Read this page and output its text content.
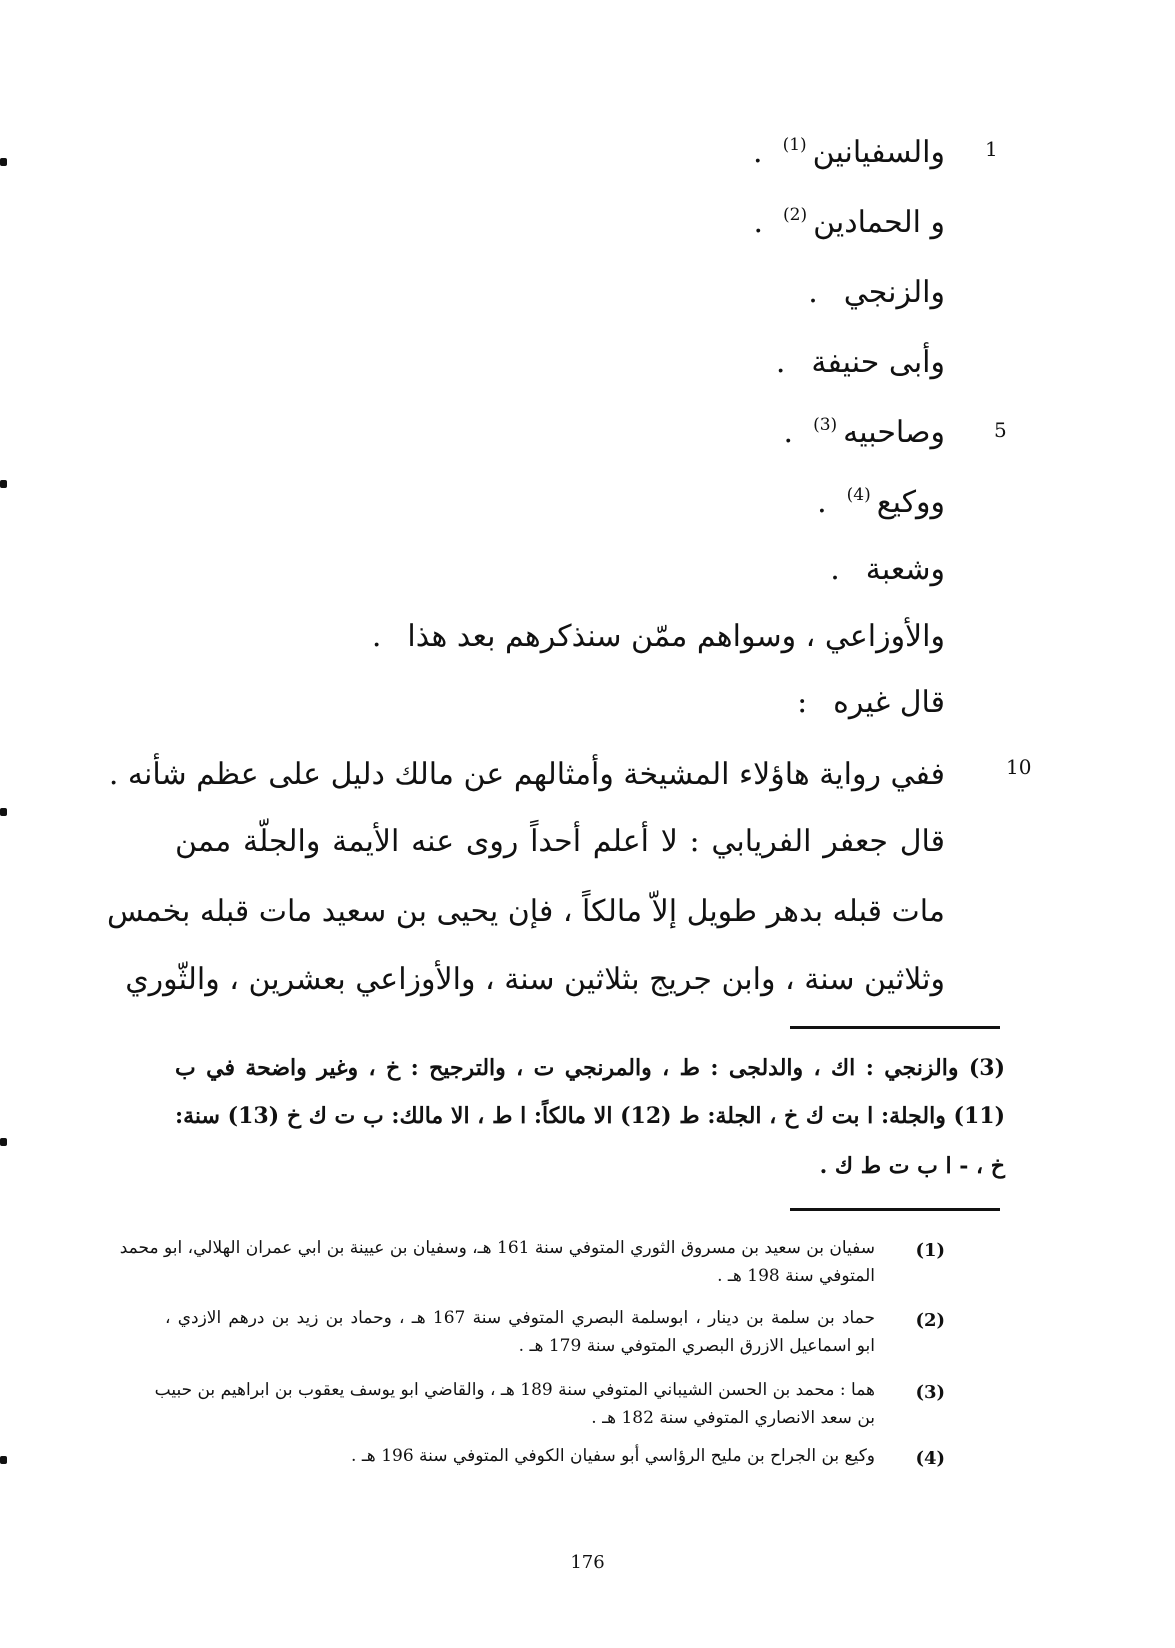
1
5
10
والسفيانين(1).
و الحمادين(2).
والزنجي.
وأبى حنيفة.
وصاحبيه(3).
ووكيع(4).
وشعبة.
والأوزاعي ، وسواهم ممّن سنذكرهم بعد هذا.
قال غيره:
ففي رواية هاؤلاء المشيخة وأمثالهم عن مالك دليل على عظم شأنه .
قال جعفر الفريابي : لا أعلم أحداً روى عنه الأيمة والجلّة ممن
مات قبله بدهر طويل إلاّ مالكاً ، فإن يحيى بن سعيد مات قبله بخمس
وثلاثين سنة ، وابن جريج بثلاثين سنة ، والأوزاعي بعشرين ، والثّوري
(3) والزنجي : اك ، والدلجى : ط ، والمرنجي ت ، والترجيح : خ ، وغير واضحة في ب
(11) والجلة: ا بت ك خ ، الجلة: ط (12) الا مالكاً: ا ط ، الا مالك: ب ت ك خ (13) سنة:
خ ، - ا ب ت ط ك .
(1)
سفيان بن سعيد بن مسروق الثوري المتوفي سنة 161 هـ، وسفيان بن عيينة بن ابي عمران الهلالي، ابو محمد
المتوفي سنة 198 هـ .
(2)
حماد بن سلمة بن دينار ، ابوسلمة البصري المتوفي سنة 167 هـ ، وحماد بن زيد بن درهم الازدي ،
ابو اسماعيل الازرق البصري المتوفي سنة 179 هـ .
(3)
هما : محمد بن الحسن الشيباني المتوفي سنة 189 هـ ، والقاضي ابو يوسف يعقوب بن ابراهيم بن حبيب
بن سعد الانصاري المتوفي سنة 182 هـ .
(4)
وكيع بن الجراح بن مليح الرؤاسي أبو سفيان الكوفي المتوفي سنة 196 هـ .
176
